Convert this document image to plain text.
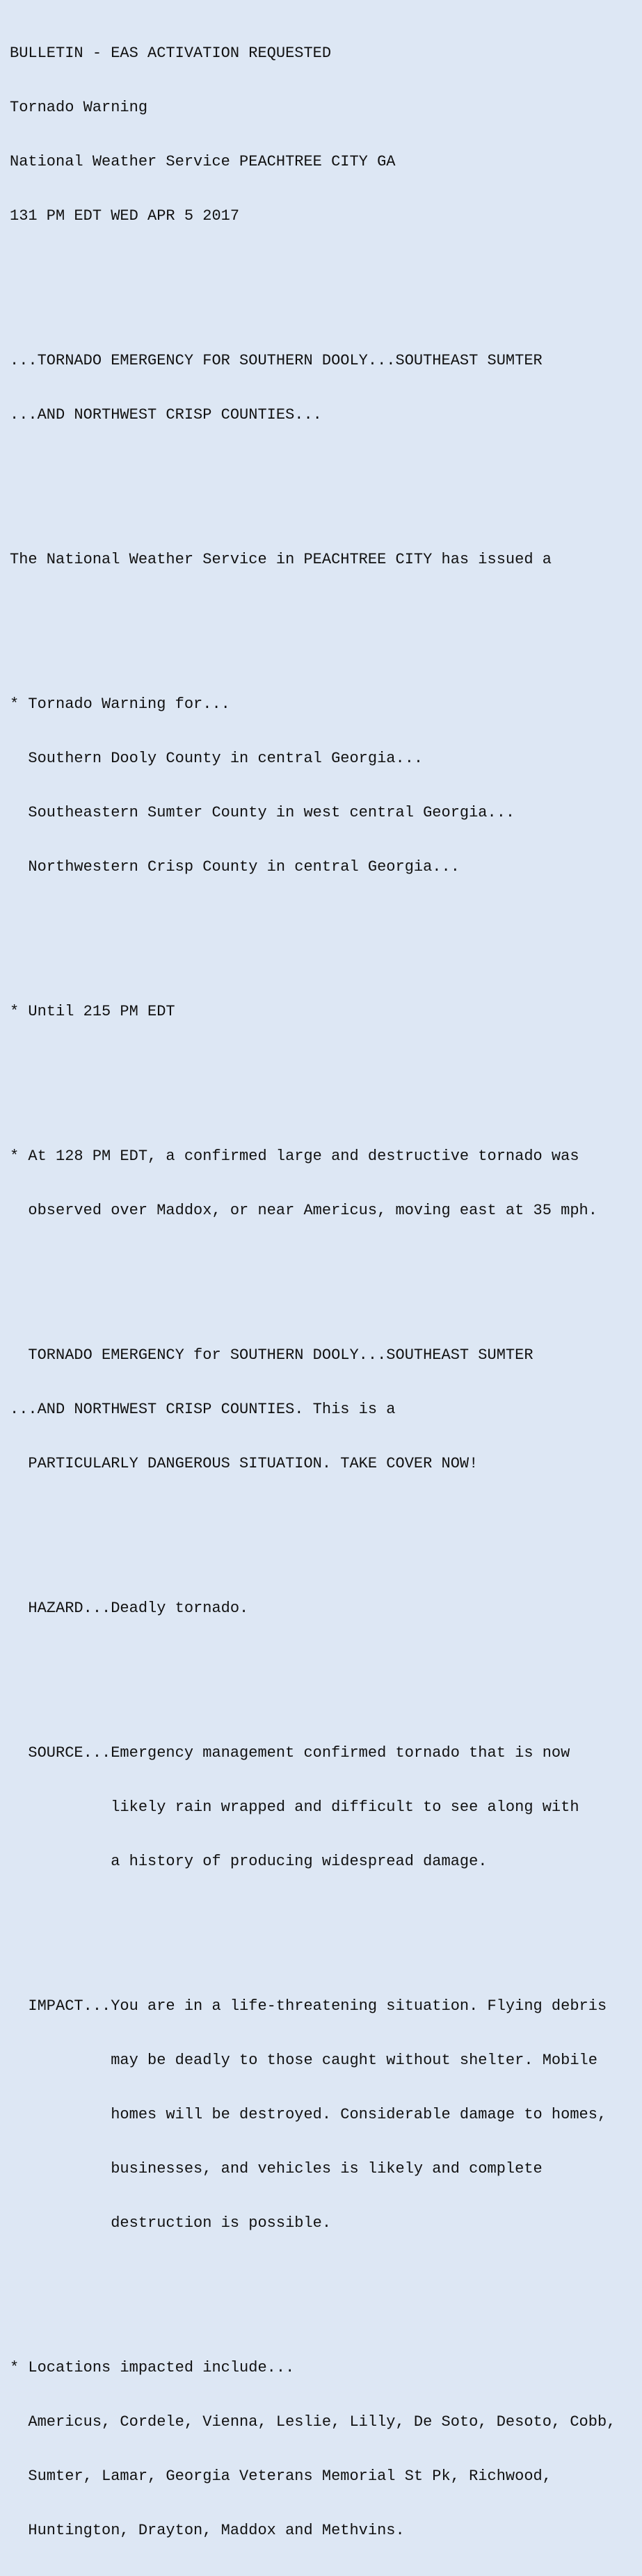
BULLETIN - EAS ACTIVATION REQUESTED

Tornado Warning

National Weather Service PEACHTREE CITY GA

131 PM EDT WED APR 5 2017

...TORNADO EMERGENCY FOR SOUTHERN DOOLY...SOUTHEAST SUMTER

...AND NORTHWEST CRISP COUNTIES...

The National Weather Service in PEACHTREE CITY has issued a

* Tornado Warning for...

Southern Dooly County in central Georgia...

Southeastern Sumter County in west central Georgia...

Northwestern Crisp County in central Georgia...

* Until 215 PM EDT

* At 128 PM EDT, a confirmed large and destructive tornado was

observed over Maddox, or near Americus, moving east at 35 mph.

TORNADO EMERGENCY for SOUTHERN DOOLY...SOUTHEAST SUMTER

...AND NORTHWEST CRISP COUNTIES. This is a

PARTICULARLY DANGEROUS SITUATION. TAKE COVER NOW!

HAZARD...Deadly tornado.

SOURCE...Emergency management confirmed tornado that is now

likely rain wrapped and difficult to see along with

a history of producing widespread damage.

IMPACT...You are in a life-threatening situation. Flying debris

may be deadly to those caught without shelter. Mobile

homes will be destroyed. Considerable damage to homes,

businesses, and vehicles is likely and complete

destruction is possible.

* Locations impacted include...

Americus, Cordele, Vienna, Leslie, Lilly, De Soto, Desoto, Cobb,

Sumter, Lamar, Georgia Veterans Memorial St Pk, Richwood,

Huntington, Drayton, Maddox and Methvins.
